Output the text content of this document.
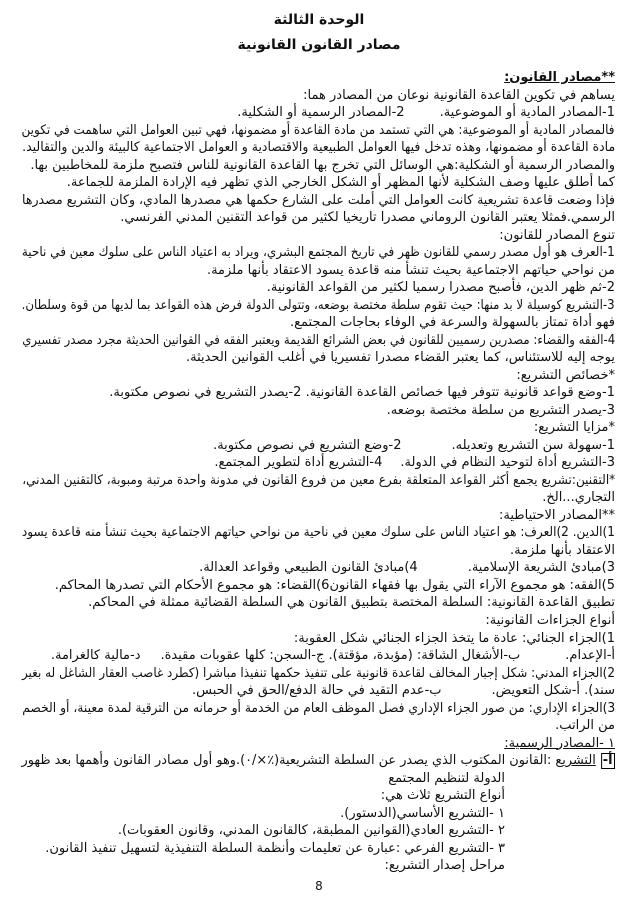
الوحدة الثالثة
مصادر القانون القانونية
**مصادر القانون:
يساهم في تكوين القاعدة القانونية نوعان من المصادر هما:
1-المصادر المادية أو الموضوعية.2-المصادر الرسمية أو الشكلية.
فالمصادر المادية أو الموضوعية: هي التي تستمد من مادة القاعدة أو مضمونها، فهي تبين العوامل التي ساهمت في تكوين
مادة القاعدة أو مضمونها، وهذه تدخل فيها العوامل الطبيعية والاقتصادية و العوامل الاجتماعية كالبيئة والدين والتقاليد.
والمصادر الرسمية أو الشكلية:هي الوسائل التي تخرج بها القاعدة القانونية للناس فتصبح ملزمة للمخاطبين بها.
كما أطلق عليها وصف الشكلية لأنها المظهر أو الشكل الخارجي الذي تظهر فيه الإرادة الملزمة للجماعة.
فإذا وضعت قاعدة تشريعية كانت العوامل التي أملت على الشارع حكمها هي مصدرها المادي، وكان التشريع مصدرها
الرسمي.فمثلا يعتبر القانون الروماني مصدرا تاريخيا لكثير من قواعد التقنين المدني الفرنسي.
تنوع المصادر للقانون:
1-العرف هو أول مصدر رسمي للقانون ظهر في تاريخ المجتمع البشري، ويراد به اعتياد الناس على سلوك معين في ناحية
من نواحي حياتهم الاجتماعية بحيث تنشأ منه قاعدة يسود الاعتقاد بأنها ملزمة.
2-ثم ظهر الدين، فأصبح مصدرا رسميا لكثير من القواعد القانونية.
3-التشريع كوسيلة لا بد منها: حيث تقوم سلطة مختصة بوضعه، وتتولى الدولة فرض هذه القواعد بما لديها من قوة وسلطان.
فهو أداة تمتاز بالسهولة والسرعة في الوفاء بحاجات المجتمع.
4-الفقه والقضاء: مصدرين رسميين للقانون في بعض الشرائع القديمة ويعتبر الفقه في القوانين الحديثة مجرد مصدر تفسيري
يوجه إليه للاستئناس، كما يعتبر القضاء مصدرا تفسيريا في أغلب القوانين الحديثة.
*خصائص التشريع:
1-وضع قواعد قانونية تتوفر فيها خصائص القاعدة القانونية. 2-يصدر التشريع في نصوص مكتوبة.
3-يصدر التشريع من سلطة مختصة بوضعه.
*مزايا التشريع:
1-سهولة سن التشريع وتعديله.2-وضع التشريع في نصوص مكتوبة.
3-التشريع أداة لتوحيد النظام في الدولة.4-التشريع أداة لتطوير المجتمع.
*التقنين:تشريع يجمع أكثر القواعد المتعلقة بفرع معين من فروع القانون في مدونة واحدة مرتبة ومبوبة، كالتقنين المدني،
التجاري...الخ.
**المصادر الاحتياطية:
1)الدين. 2)العرف: هو اعتياد الناس على سلوك معين في ناحية من نواحي حياتهم الاجتماعية بحيث تنشأ منه قاعدة يسود
الاعتقاد بأنها ملزمة.
3)مبادئ الشريعة الإسلامية.4)مبادئ القانون الطبيعي وقواعد العدالة.
5)الفقه: هو مجموع الآراء التي يقول بها فقهاء القانون6)القضاء: هو مجموع الأحكام التي تصدرها المحاكم.
تطبيق القاعدة القانونية: السلطة المختصة بتطبيق القانون هي السلطة القضائية ممثلة في المحاكم.
أنواع الجزاءات القانونية:
1)الجزاء الجنائي: عادة ما يتخذ الجزاء الجنائي شكل العقوبة:
أ-الإعدام.ب-الأشغال الشاقة: (مؤبدة، مؤقتة). ج-السجن: كلها عقوبات مقيدة.د-مالية كالغرامة.
2)الجزاء المدني: شكل إجبار المخالف لقاعدة قانونية على تنفيذ حكمها تنفيذا مباشرا (كطرد غاصب العقار الشاغل له بغير
سند). أ-شكل التعويض.ب-عدم التقيد في حالة الدفع/الحق في الحبس.
3)الجزاء الإداري: من صور الجزاء الإداري فصل الموظف العام من الخدمة أو حرمانه من الترقية لمدة معينة، أو الخصم
من الراتب.
١ -المصادر الرسمية:
أ-التشريع :القانون المكتوب الذي يصدر عن السلطة التشريعية(٪×/٠).وهو أول مصادر القانون وأهمها بعد ظهور
الدولة لتنظيم المجتمع
أنواع التشريع ثلاث هي:
١ -التشريع الأساسي(الدستور).
٢ -التشريع العادي(القوانين المطبقة، كالقانون المدني، وقانون العقوبات).
٣ -التشريع الفرعي :عبارة عن تعليمات وأنظمة السلطة التنفيذية لتسهيل تنفيذ القانون.
مراحل إصدار التشريع:
8
